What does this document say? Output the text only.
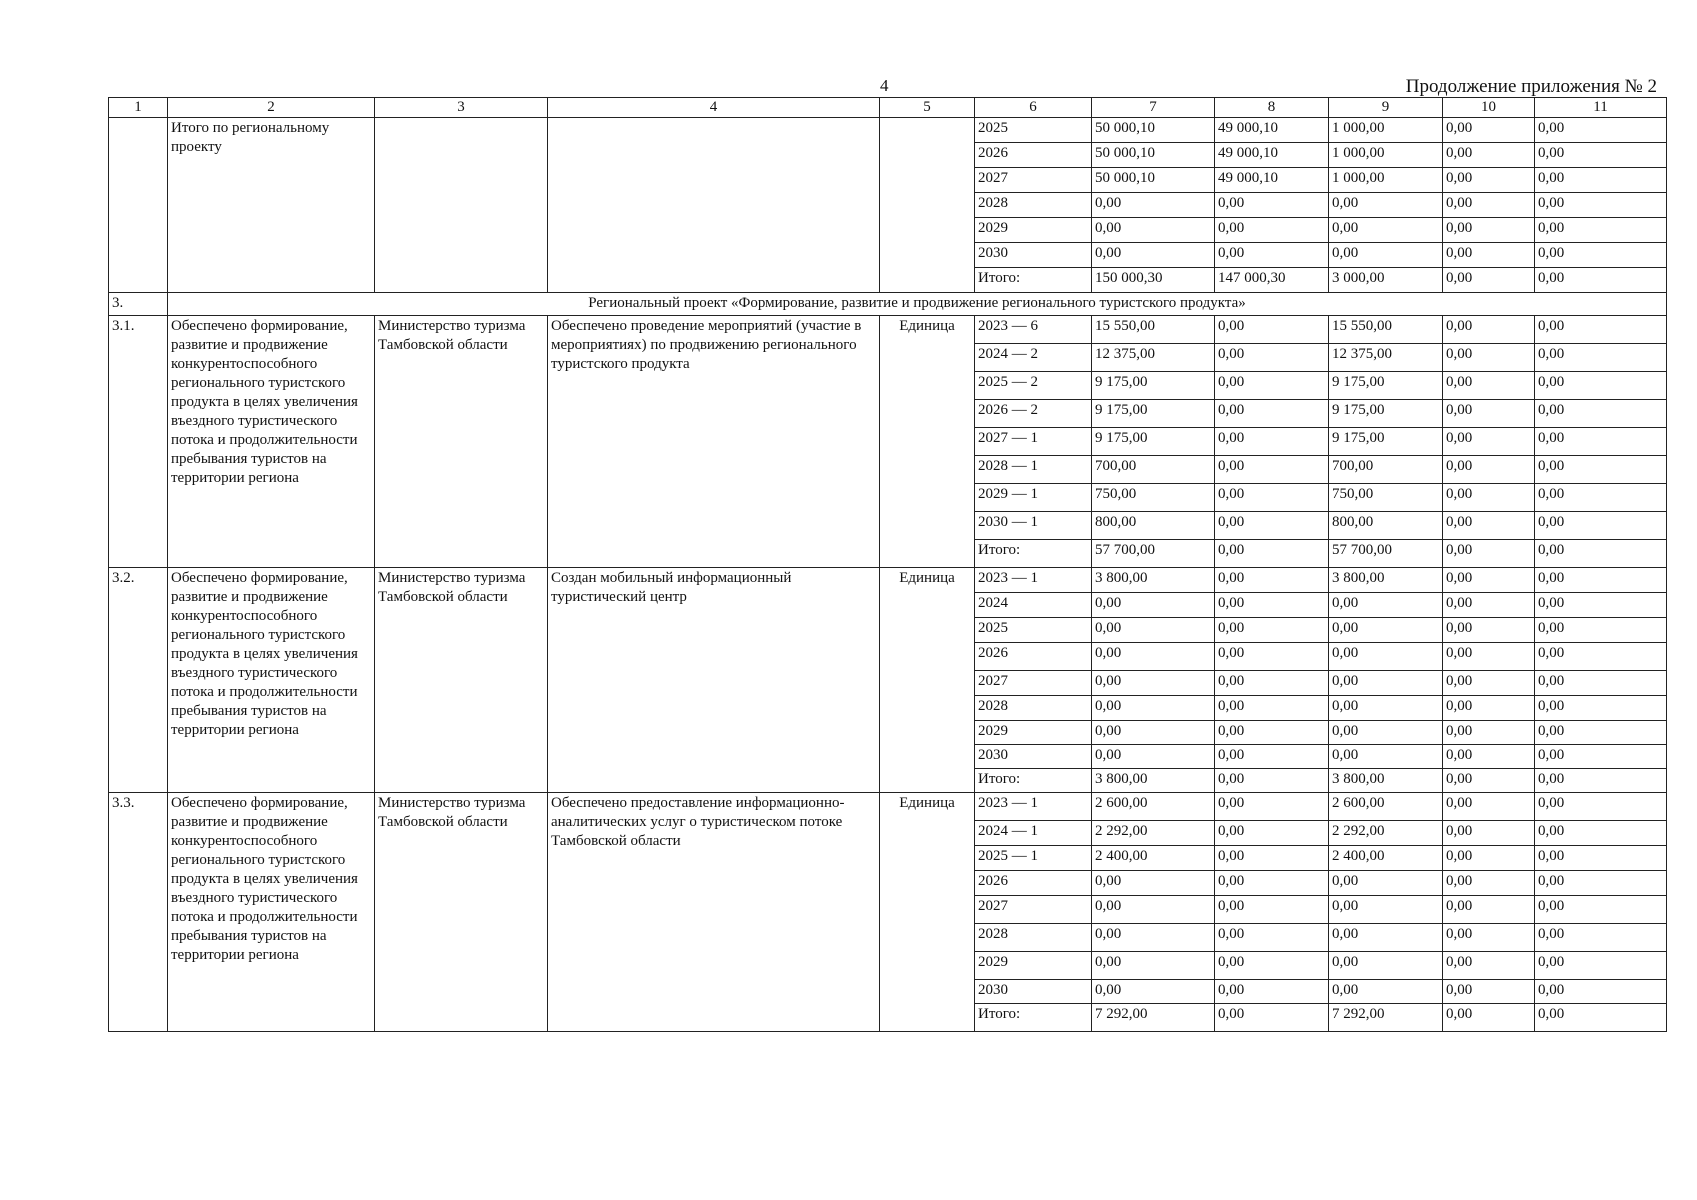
4	Продолжение приложения № 2
1	2	3	4	5	6	7	8	9	10	11
	Итого по региональному проекту				2025	50 000,10	49 000,10	1 000,00	0,00	0,00
					2026	50 000,10	49 000,10	1 000,00	0,00	0,00
					2027	50 000,10	49 000,10	1 000,00	0,00	0,00
					2028	0,00	0,00	0,00	0,00	0,00
					2029	0,00	0,00	0,00	0,00	0,00
					2030	0,00	0,00	0,00	0,00	0,00
					Итого:	150 000,30	147 000,30	3 000,00	0,00	0,00
3.	Региональный проект «Формирование, развитие и продвижение регионального туристского продукта»									
3.1.	Обеспечено формирование, развитие и продвижение конкурентоспособного регионального туристского продукта в целях увеличения въездного туристического потока и продолжительности пребывания туристов на территории региона	Министерство туризма Тамбовской области	Обеспечено проведение мероприятий (участие в мероприятиях) по продвижению регионального туристского продукта	Единица	2023 — 6	15 550,00	0,00	15 550,00	0,00	0,00
					2024 — 2	12 375,00	0,00	12 375,00	0,00	0,00
					2025 — 2	9 175,00	0,00	9 175,00	0,00	0,00
					2026 — 2	9 175,00	0,00	9 175,00	0,00	0,00
					2027 — 1	9 175,00	0,00	9 175,00	0,00	0,00
					2028 — 1	700,00	0,00	700,00	0,00	0,00
					2029 — 1	750,00	0,00	750,00	0,00	0,00
					2030 — 1	800,00	0,00	800,00	0,00	0,00
					Итого:	57 700,00	0,00	57 700,00	0,00	0,00
3.2.	Обеспечено формирование, развитие и продвижение конкурентоспособного регионального туристского продукта в целях увеличения въездного туристического потока и продолжительности пребывания туристов на территории региона	Министерство туризма Тамбовской области	Создан мобильный информационный туристический центр	Единица	2023 — 1	3 800,00	0,00	3 800,00	0,00	0,00
					2024	0,00	0,00	0,00	0,00	0,00
					2025	0,00	0,00	0,00	0,00	0,00
					2026	0,00	0,00	0,00	0,00	0,00
					2027	0,00	0,00	0,00	0,00	0,00
					2028	0,00	0,00	0,00	0,00	0,00
					2029	0,00	0,00	0,00	0,00	0,00
					2030	0,00	0,00	0,00	0,00	0,00
					Итого:	3 800,00	0,00	3 800,00	0,00	0,00
3.3.	Обеспечено формирование, развитие и продвижение конкурентоспособного регионального туристского продукта в целях увеличения въездного туристического потока и продолжительности пребывания туристов на территории региона	Министерство туризма Тамбовской области	Обеспечено предоставление информационно-аналитических услуг о туристическом потоке Тамбовской области	Единица	2023 — 1	2 600,00	0,00	2 600,00	0,00	0,00
					2024 — 1	2 292,00	0,00	2 292,00	0,00	0,00
					2025 — 1	2 400,00	0,00	2 400,00	0,00	0,00
					2026	0,00	0,00	0,00	0,00	0,00
					2027	0,00	0,00	0,00	0,00	0,00
					2028	0,00	0,00	0,00	0,00	0,00
					2029	0,00	0,00	0,00	0,00	0,00
					2030	0,00	0,00	0,00	0,00	0,00
					Итого:	7 292,00	0,00	7 292,00	0,00	0,00
